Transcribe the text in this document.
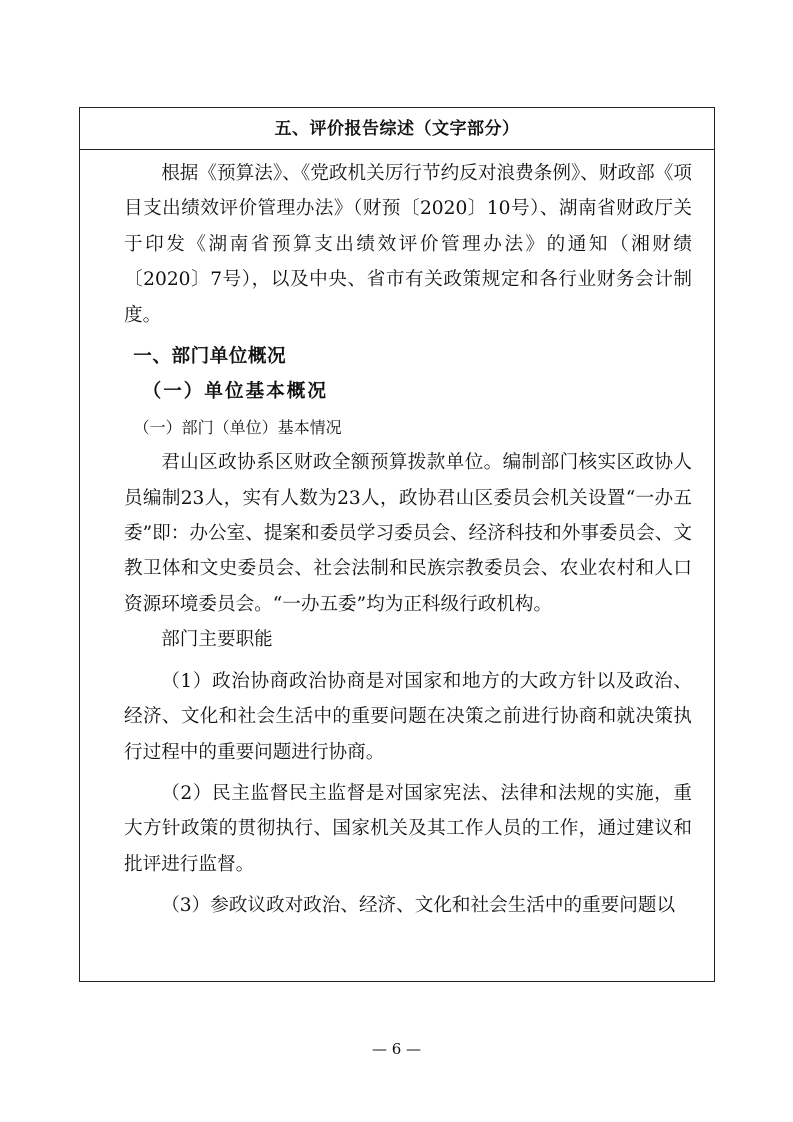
五、评价报告综述（文字部分）

根据《预算法》、《党政机关厉行节约反对浪费条例》、财政部《项目支出绩效评价管理办法》（财预〔2020〕10号）、湖南省财政厅关于印发《湖南省预算支出绩效评价管理办法》的通知（湘财绩〔2020〕7号），以及中央、省市有关政策规定和各行业财务会计制度。

一、部门单位概况

（一）单位基本概况

（一）部门（单位）基本情况

君山区政协系区财政全额预算拨款单位。编制部门核实区政协人员编制23人，实有人数为23人，政协君山区委员会机关设置“一办五委”即：办公室、提案和委员学习委员会、经济科技和外事委员会、文教卫体和文史委员会、社会法制和民族宗教委员会、农业农村和人口资源环境委员会。“一办五委”均为正科级行政机构。

部门主要职能

（1）政治协商政治协商是对国家和地方的大政方针以及政治、经济、文化和社会生活中的重要问题在决策之前进行协商和就决策执行过程中的重要问题进行协商。

（2）民主监督民主监督是对国家宪法、法律和法规的实施，重大方针政策的贯彻执行、国家机关及其工作人员的工作，通过建议和批评进行监督。

（3）参政议政对政治、经济、文化和社会生活中的重要问题以

— 6 —
